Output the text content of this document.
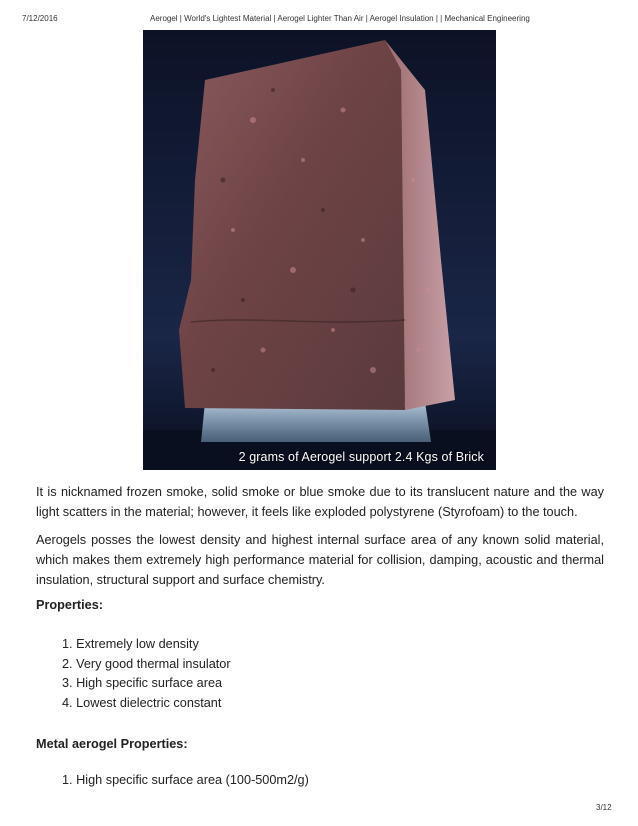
7/12/2016	Aerogel | World's Lightest Material | Aerogel Lighter Than Air | Aerogel Insulation | | Mechanical Engineering
2 grams of Aerogel support 2.4 Kgs of Brick

It is nicknamed frozen smoke, solid smoke or blue smoke due to its translucent nature and the way light scatters in the material; however, it feels like exploded polystyrene (Styrofoam) to the touch.

Aerogels posses the lowest density and highest internal surface area of any known solid material, which makes them extremely high performance material for collision, damping, acoustic and thermal insulation, structural support and surface chemistry.

Properties:
1. Extremely low density
2. Very good thermal insulator
3. High specific surface area
4. Lowest dielectric constant
Metal aerogel Properties:
1. High specific surface area (100-500m2/g)
3/12
